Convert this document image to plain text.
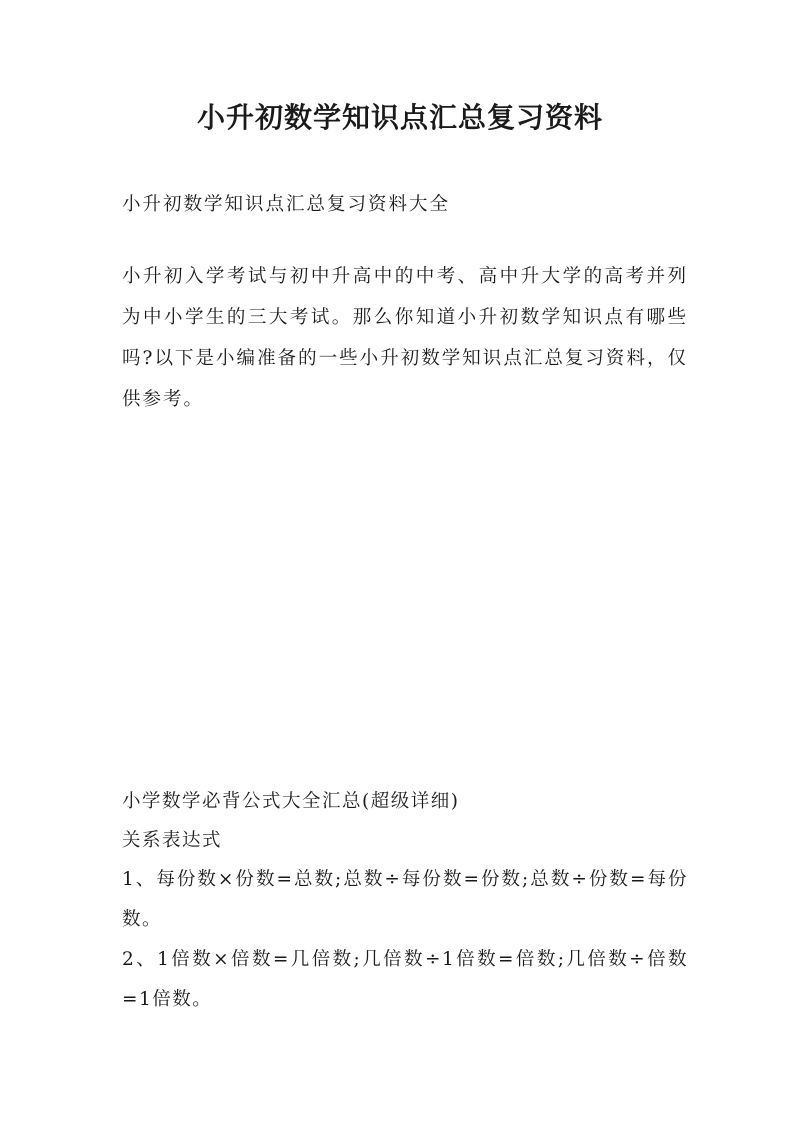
小升初数学知识点汇总复习资料

小升初数学知识点汇总复习资料大全

小升初入学考试与初中升高中的中考、高中升大学的高考并列为中小学生的三大考试。那么你知道小升初数学知识点有哪些吗?以下是小编准备的一些小升初数学知识点汇总复习资料，仅供参考。

小学数学必背公式大全汇总(超级详细)

关系表达式

1、每份数×份数=总数;总数÷每份数=份数;总数÷份数=每份数。

2、1倍数×倍数=几倍数;几倍数÷1倍数=倍数;几倍数÷倍数=1倍数。
